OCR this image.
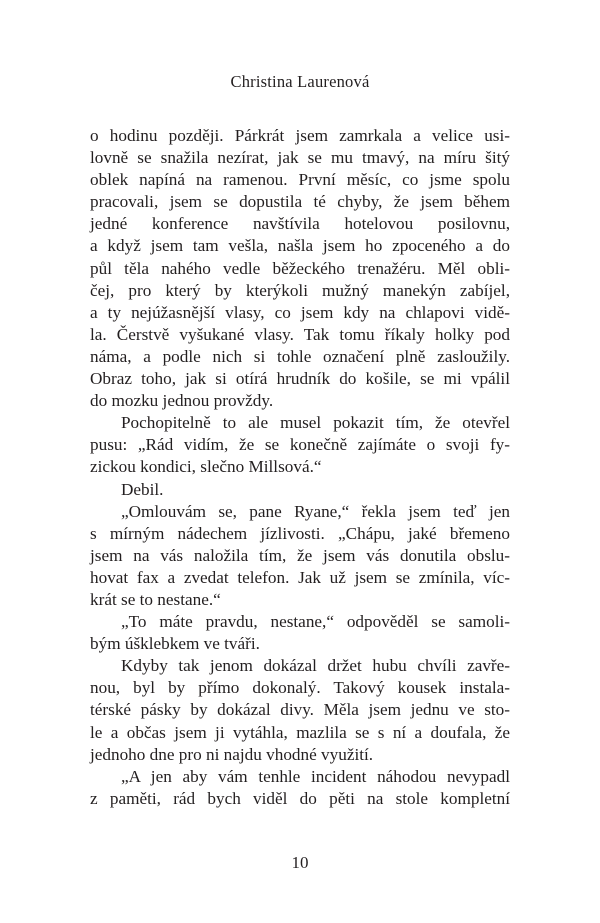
Christina Laurenová

o hodinu později. Párkrát jsem zamrkala a velice usi-

lovně se snažila nezírat, jak se mu tmavý, na míru šitý

oblek napíná na ramenou. První měsíc, co jsme spolu

pracovali, jsem se dopustila té chyby, že jsem během

jedné konference navštívila hotelovou posilovnu,

a když jsem tam vešla, našla jsem ho zpoceného a do

půl těla nahého vedle běžeckého trenažéru. Měl obli-

čej, pro který by kterýkoli mužný manekýn zabíjel,

a ty nejúžasnější vlasy, co jsem kdy na chlapovi vidě-

la. Čerstvě vyšukané vlasy. Tak tomu říkaly holky pod

náma, a podle nich si tohle označení plně zasloužily.

Obraz toho, jak si otírá hrudník do košile, se mi vpálil

do mozku jednou provždy.

Pochopitelně to ale musel pokazit tím, že otevřel

pusu: „Rád vidím, že se konečně zajímáte o svoji fy-

zickou kondici, slečno Millsová.“

Debil.

„Omlouvám se, pane Ryane,“ řekla jsem teď jen

s mírným nádechem jízlivosti. „Chápu, jaké břemeno

jsem na vás naložila tím, že jsem vás donutila obslu-

hovat fax a zvedat telefon. Jak už jsem se zmínila, víc-

krát se to nestane.“

„To máte pravdu, nestane,“ odpověděl se samoli-

bým úšklebkem ve tváři.

Kdyby tak jenom dokázal držet hubu chvíli zavře-

nou, byl by přímo dokonalý. Takový kousek instala-

térské pásky by dokázal divy. Měla jsem jednu ve sto-

le a občas jsem ji vytáhla, mazlila se s ní a doufala, že

jednoho dne pro ni najdu vhodné využití.

„A jen aby vám tenhle incident náhodou nevypadl

z paměti, rád bych viděl do pěti na stole kompletní

10
